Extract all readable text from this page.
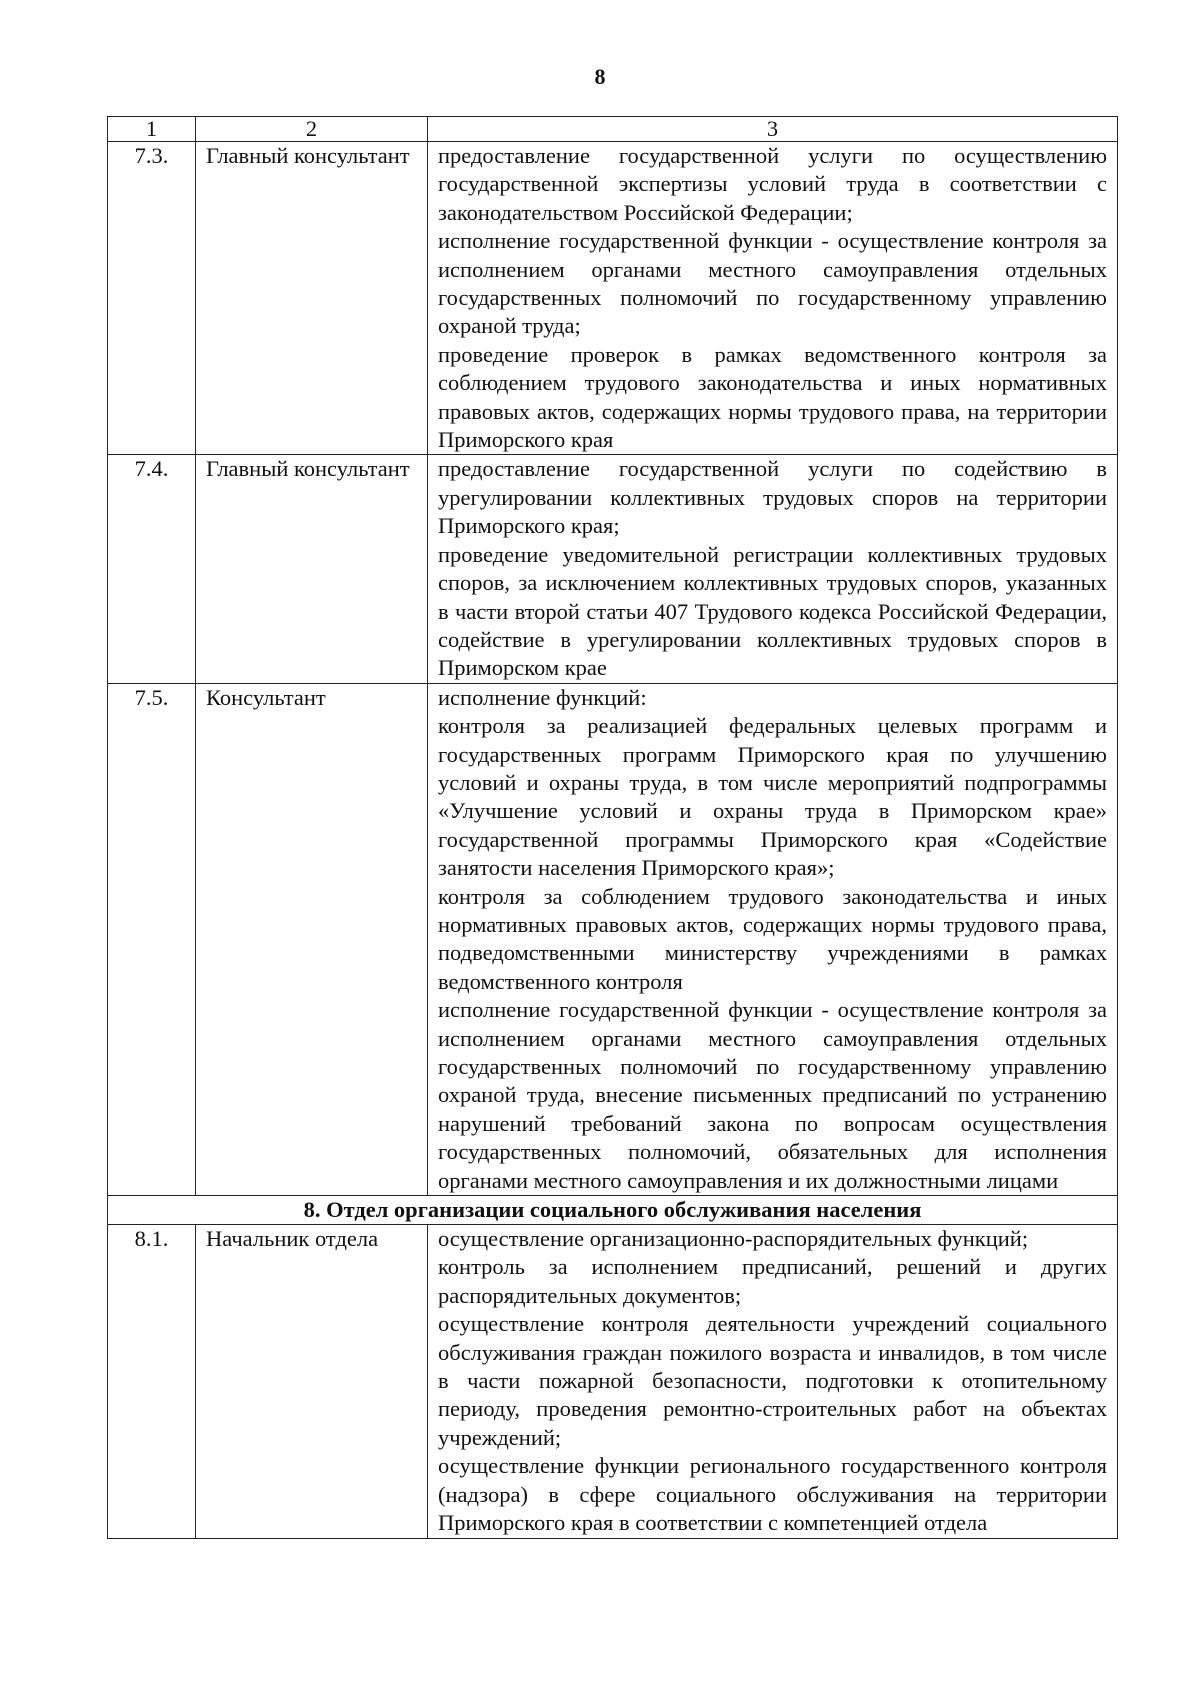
8
1	2	3
7.3.	Главный консультант	предоставление государственной услуги по осуществлению государственной экспертизы условий труда в соответствии с законодательством Российской Федерации;
исполнение государственной функции - осуществление контроля за исполнением органами местного самоуправления отдельных государственных полномочий по государственному управлению охраной труда;
проведение проверок в рамках ведомственного контроля за соблюдением трудового законодательства и иных нормативных правовых актов, содержащих нормы трудового права, на территории Приморского края

7.4.	Главный консультант	предоставление государственной услуги по содействию в урегулировании коллективных трудовых споров на территории Приморского края;
проведение уведомительной регистрации коллективных трудовых споров, за исключением коллективных трудовых споров, указанных в части второй статьи 407 Трудового кодекса Российской Федерации, содействие в урегулировании коллективных трудовых споров в Приморском крае

7.5.	Консультант	исполнение функций:
контроля за реализацией федеральных целевых программ и государственных программ Приморского края по улучшению условий и охраны труда, в том числе мероприятий подпрограммы «Улучшение условий и охраны труда в Приморском крае» государственной программы Приморского края «Содействие занятости населения Приморского края»;
контроля за соблюдением трудового законодательства и иных нормативных правовых актов, содержащих нормы трудового права, подведомственными министерству учреждениями в рамках ведомственного контроля
исполнение государственной функции - осуществление контроля за исполнением органами местного самоуправления отдельных государственных полномочий по государственному управлению охраной труда, внесение письменных предписаний по устранению нарушений требований закона по вопросам осуществления государственных полномочий, обязательных для исполнения органами местного самоуправления и их должностными лицами

8. Отдел организации социального обслуживания населения		
8.1.	Начальник отдела	осуществление организационно-распорядительных функций;
контроль за исполнением предписаний, решений и других распорядительных документов;
осуществление контроля деятельности учреждений социального обслуживания граждан пожилого возраста и инвалидов, в том числе в части пожарной безопасности, подготовки к отопительному периоду, проведения ремонтно-строительных работ на объектах учреждений;
осуществление функции регионального государственного контроля (надзора) в сфере социального обслуживания на территории Приморского края в соответствии с компетенцией отдела
